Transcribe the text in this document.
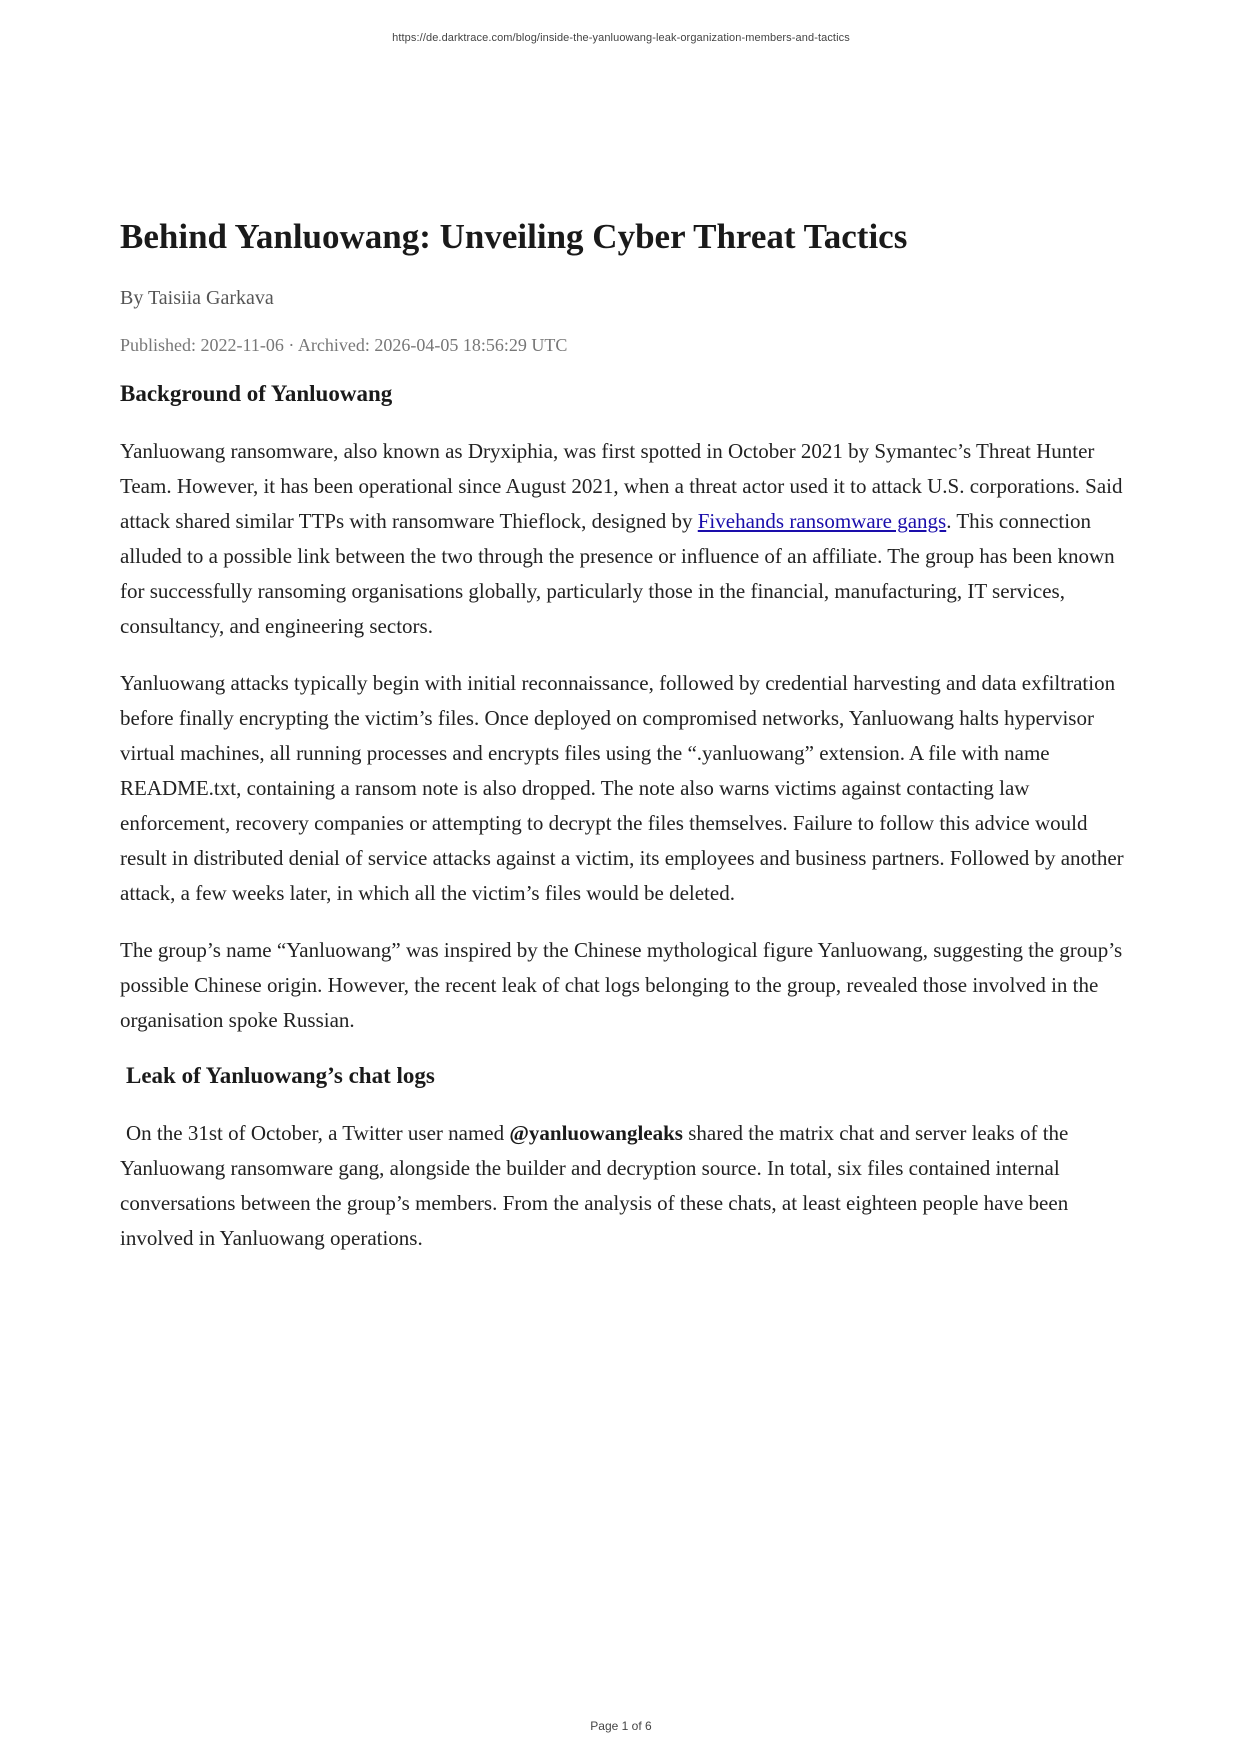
https://de.darktrace.com/blog/inside-the-yanluowang-leak-organization-members-and-tactics
Behind Yanluowang: Unveiling Cyber Threat Tactics

By Taisiia Garkava

Published: 2022-11-06 · Archived: 2026-04-05 18:56:29 UTC

Background of Yanluowang

Yanluowang ransomware, also known as Dryxiphia, was first spotted in October 2021 by Symantec’s Threat Hunter Team. However, it has been operational since August 2021, when a threat actor used it to attack U.S. corporations. Said attack shared similar TTPs with ransomware Thieflock, designed by Fivehands ransomware gangs. This connection alluded to a possible link between the two through the presence or influence of an affiliate. The group has been known for successfully ransoming organisations globally, particularly those in the financial, manufacturing, IT services, consultancy, and engineering sectors.

Yanluowang attacks typically begin with initial reconnaissance, followed by credential harvesting and data exfiltration before finally encrypting the victim’s files. Once deployed on compromised networks, Yanluowang halts hypervisor virtual machines, all running processes and encrypts files using the “.yanluowang” extension. A file with name README.txt, containing a ransom note is also dropped. The note also warns victims against contacting law enforcement, recovery companies or attempting to decrypt the files themselves. Failure to follow this advice would result in distributed denial of service attacks against a victim, its employees and business partners. Followed by another attack, a few weeks later, in which all the victim’s files would be deleted.

The group’s name “Yanluowang” was inspired by the Chinese mythological figure Yanluowang, suggesting the group’s possible Chinese origin. However, the recent leak of chat logs belonging to the group, revealed those involved in the organisation spoke Russian.

Leak of Yanluowang’s chat logs

On the 31st of October, a Twitter user named @yanluowangleaks shared the matrix chat and server leaks of the Yanluowang ransomware gang, alongside the builder and decryption source. In total, six files contained internal conversations between the group’s members. From the analysis of these chats, at least eighteen people have been involved in Yanluowang operations.

Page 1 of 6
